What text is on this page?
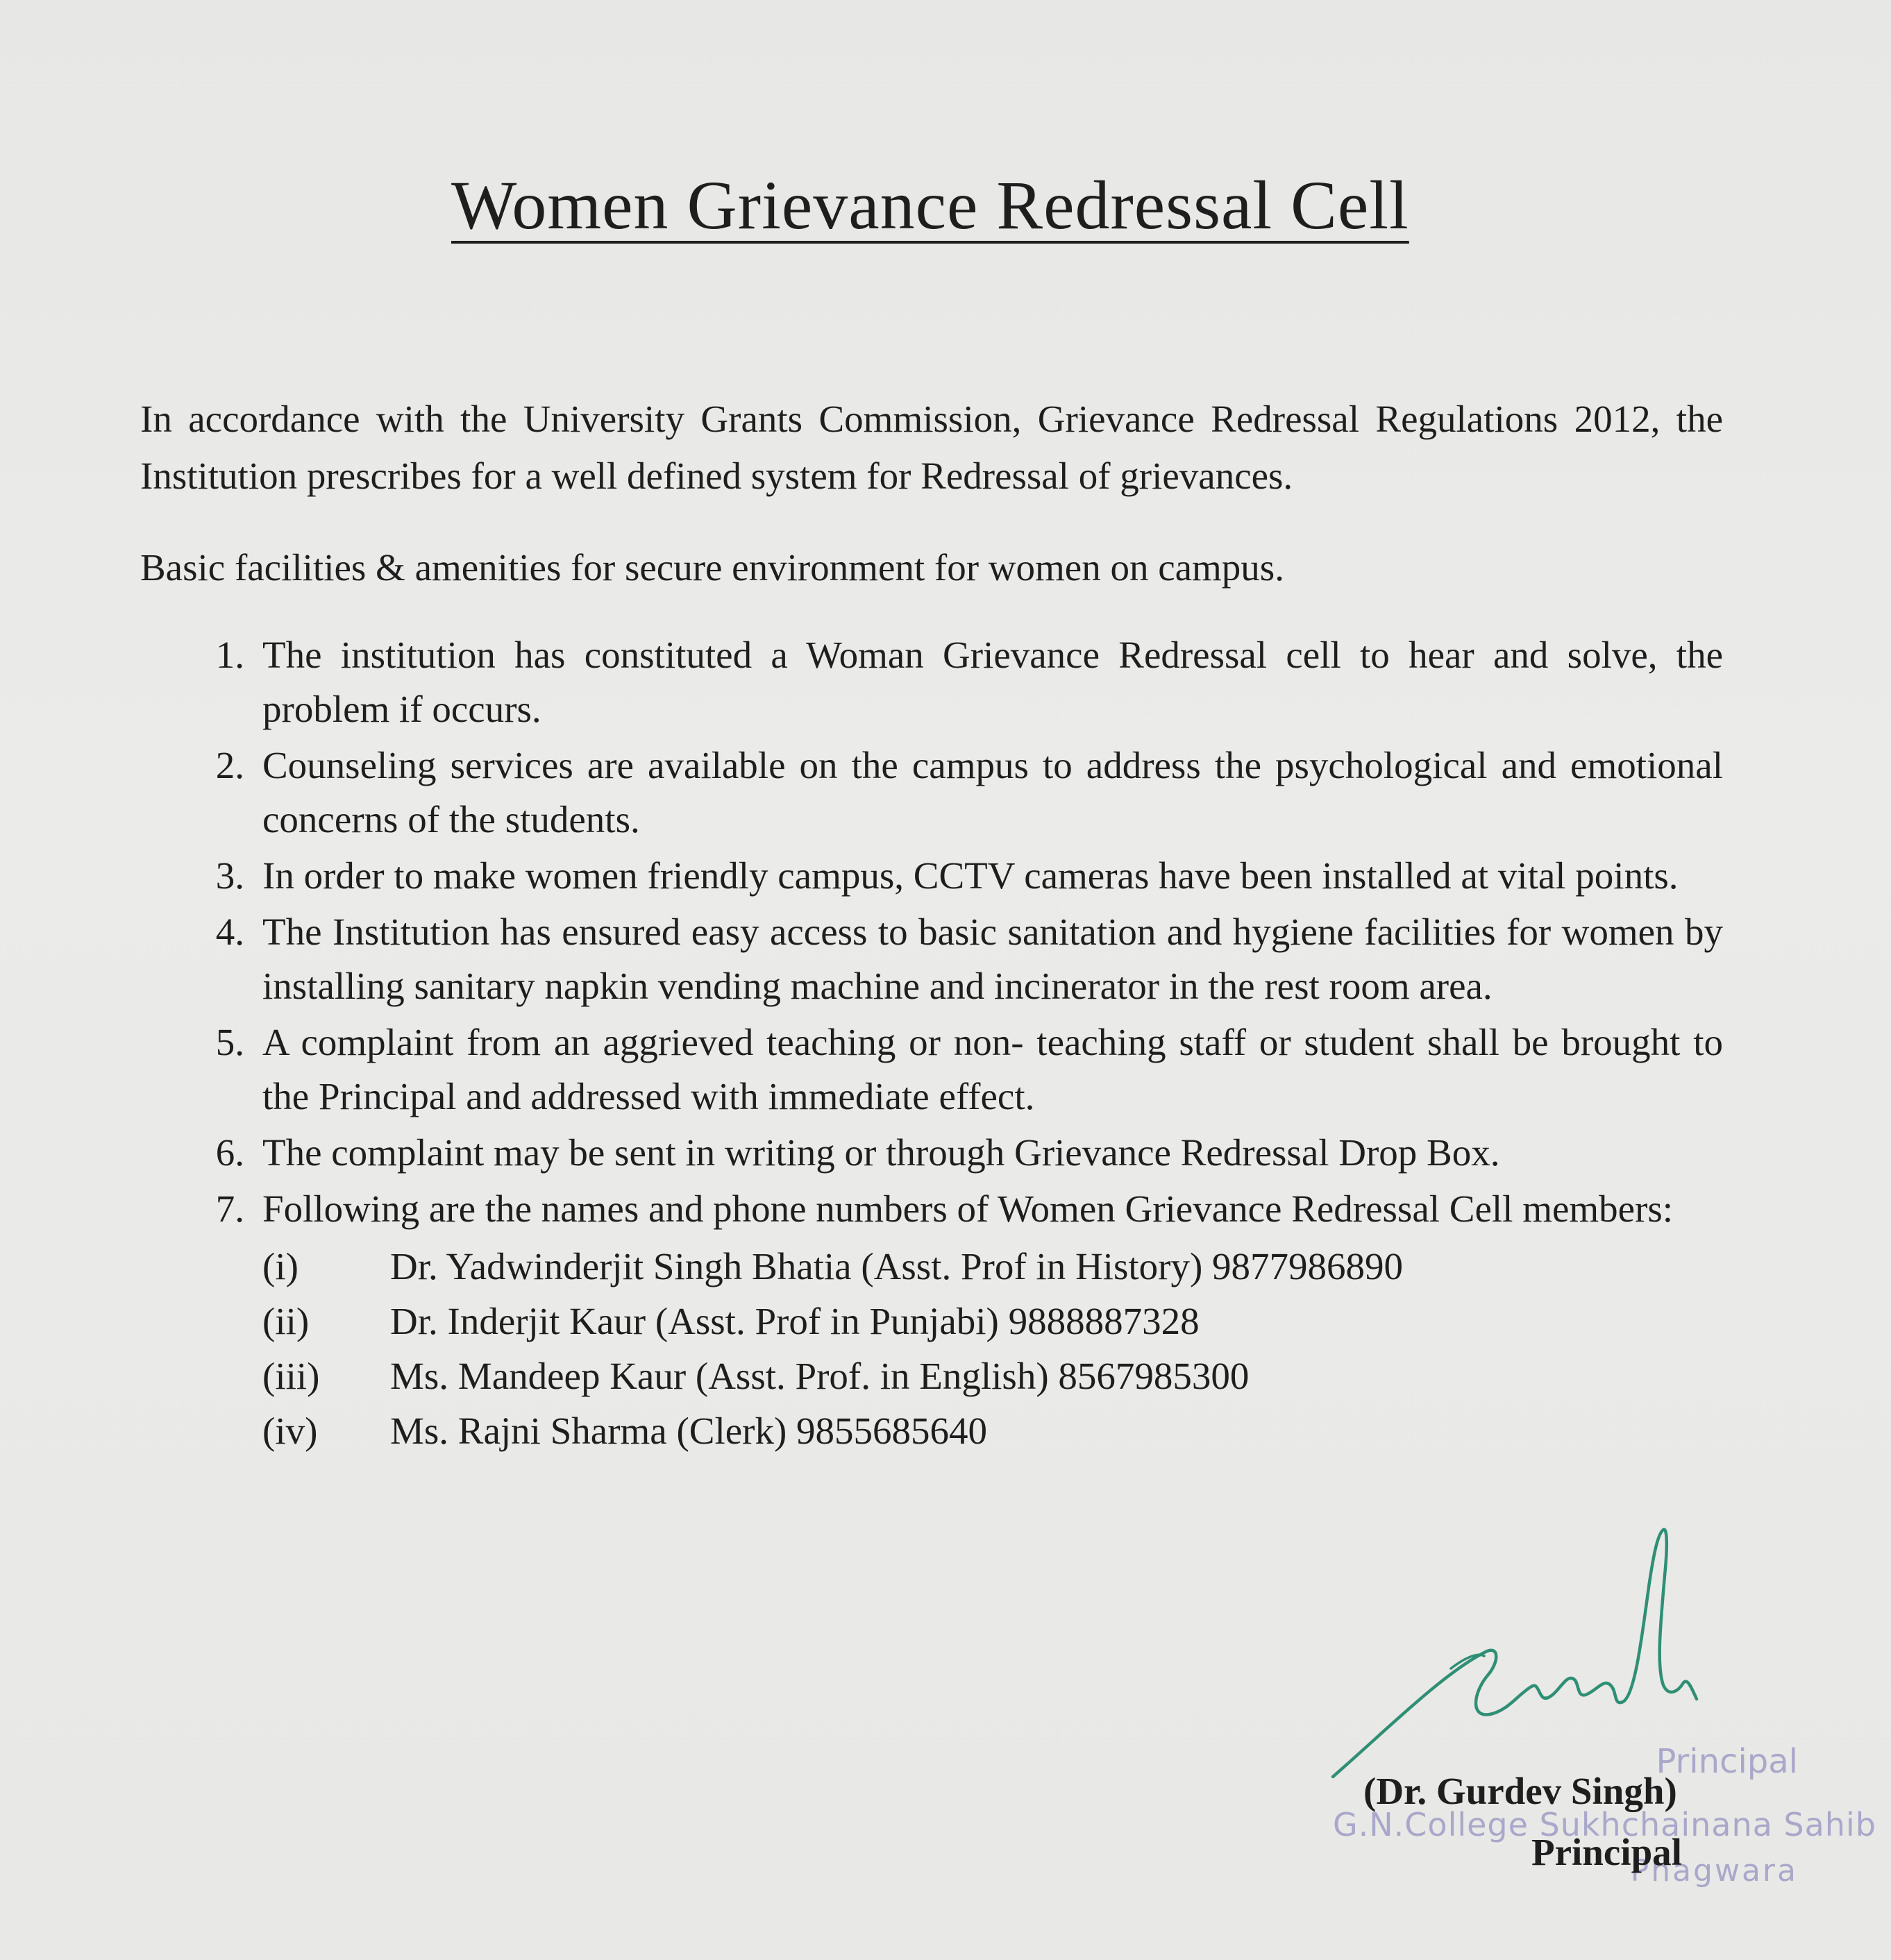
Women Grievance Redressal Cell
In accordance with the University Grants Commission, Grievance Redressal Regulations 2012, the Institution prescribes for a well defined system for Redressal of grievances.
Basic facilities & amenities for secure environment for women on campus.
1. The institution has constituted a Woman Grievance Redressal cell to hear and solve, the problem if occurs.
2. Counseling services are available on the campus to address the psychological and emotional concerns of the students.
3. In order to make women friendly campus, CCTV cameras have been installed at vital points.
4. The Institution has ensured easy access to basic sanitation and hygiene facilities for women by installing sanitary napkin vending machine and incinerator in the rest room area.
5. A complaint from an aggrieved teaching or non- teaching staff or student shall be brought to the Principal and addressed with immediate effect.
6. The complaint may be sent in writing or through Grievance Redressal Drop Box.
7. Following are the names and phone numbers of Women Grievance Redressal Cell members:
(i) Dr. Yadwinderjit Singh Bhatia (Asst. Prof in History) 9877986890
(ii) Dr. Inderjit Kaur (Asst. Prof in Punjabi) 9888887328
(iii) Ms. Mandeep Kaur (Asst. Prof. in English) 8567985300
(iv) Ms. Rajni Sharma (Clerk) 9855685640
Principal
G.N.College Sukhchainana Sahib
Phagwara
(Dr. Gurdev Singh)
Principal
